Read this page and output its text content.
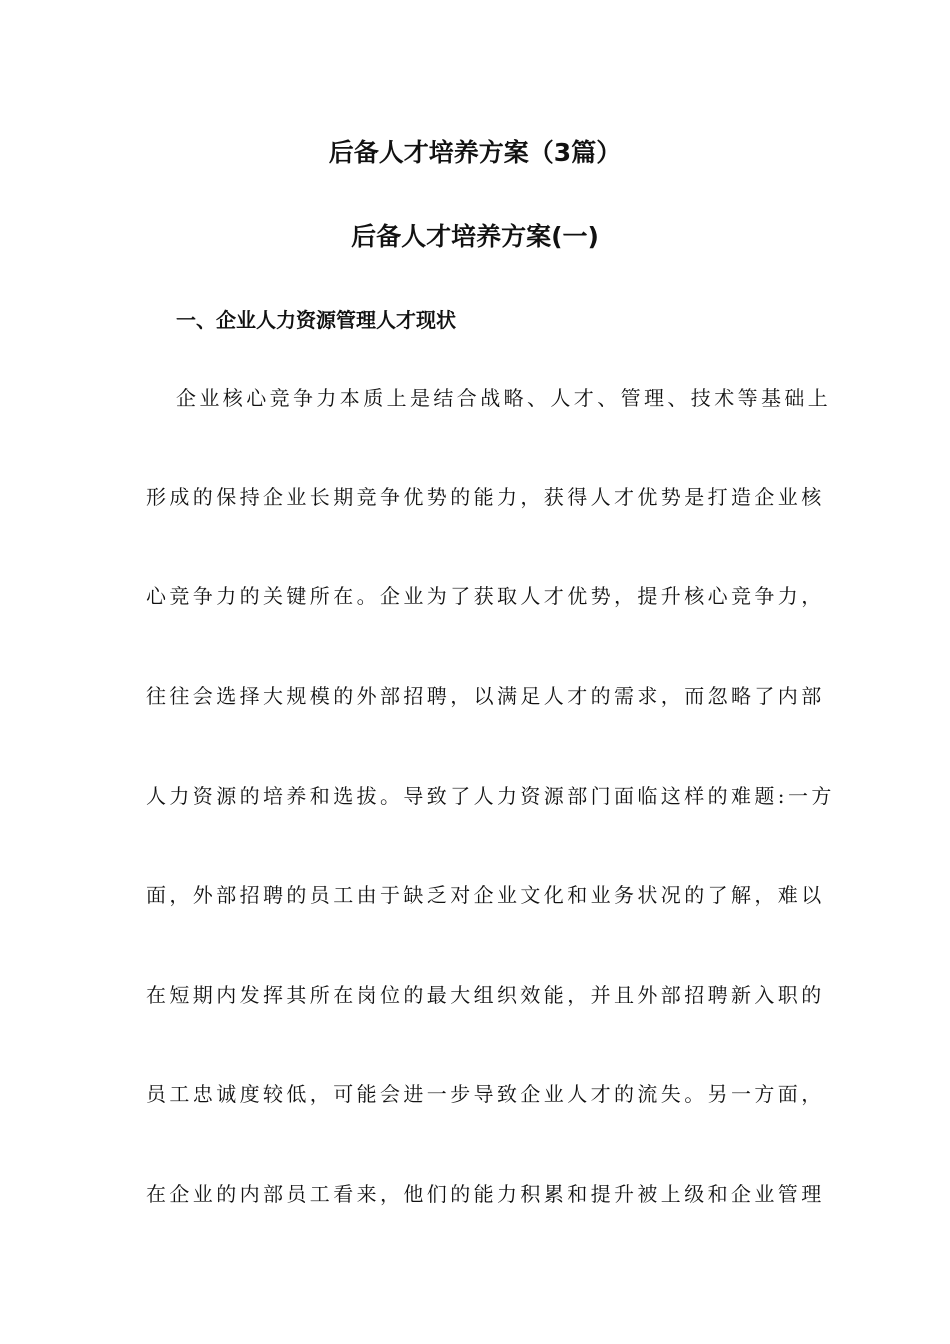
后备人才培养方案（3篇）
后备人才培养方案(一)
一、企业人力资源管理人才现状

企业核心竞争力本质上是结合战略、人才、管理、技术等基础上

形成的保持企业长期竞争优势的能力，获得人才优势是打造企业核

心竞争力的关键所在。企业为了获取人才优势，提升核心竞争力，

往往会选择大规模的外部招聘，以满足人才的需求，而忽略了内部

人力资源的培养和选拔。导致了人力资源部门面临这样的难题:一方

面，外部招聘的员工由于缺乏对企业文化和业务状况的了解，难以

在短期内发挥其所在岗位的最大组织效能，并且外部招聘新入职的

员工忠诚度较低，可能会进一步导致企业人才的流失。另一方面，

在企业的内部员工看来，他们的能力积累和提升被上级和企业管理
